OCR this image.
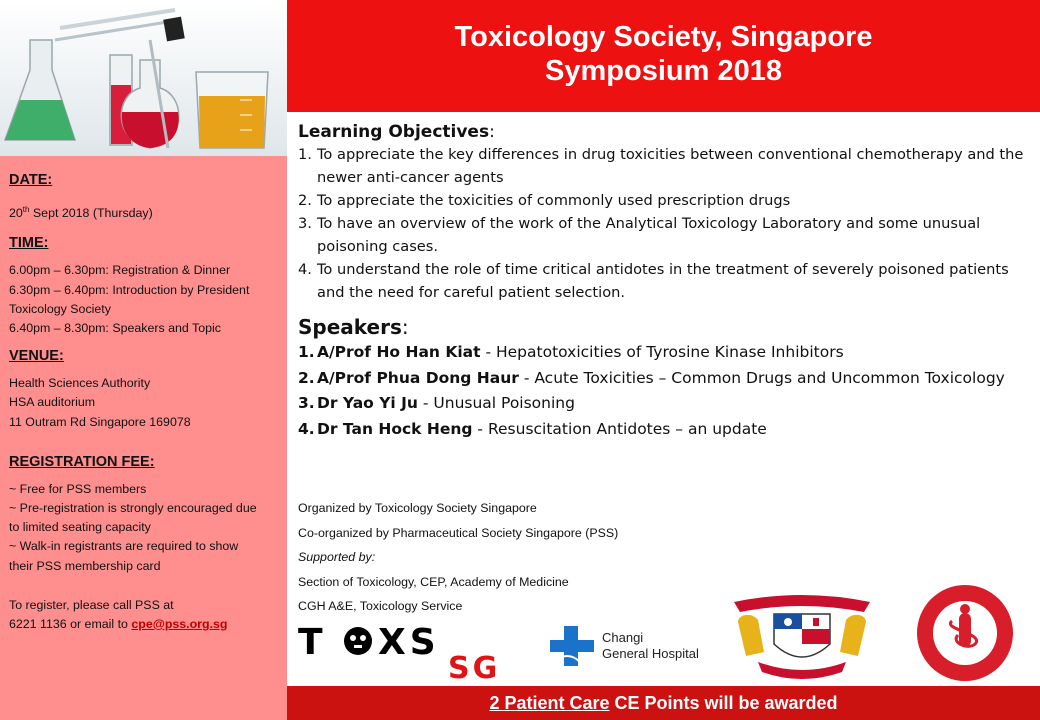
DATE:
20th Sept 2018 (Thursday)
TIME:
6.00pm – 6.30pm: Registration & Dinner
6.30pm – 6.40pm: Introduction by President
Toxicology Society
6.40pm – 8.30pm: Speakers and Topic
VENUE:
Health Sciences Authority
HSA auditorium
11 Outram Rd Singapore 169078
REGISTRATION FEE:
~ Free for PSS members
~ Pre-registration is strongly encouraged due
to limited seating capacity
~ Walk-in registrants are required to show
their PSS membership card
To register, please call PSS at
6221 1136 or email to cpe@pss.org.sg
Toxicology Society, Singapore
Symposium 2018
Learning Objectives:
1. To appreciate the key differences in drug toxicities between conventional chemotherapy and the newer anti-cancer agents
2. To appreciate the toxicities of commonly used prescription drugs
3. To have an overview of the work of the Analytical Toxicology Laboratory and some unusual poisoning cases.
4. To understand the role of time critical antidotes in the treatment of severely poisoned patients and the need for careful patient selection.
Speakers:
1. A/Prof Ho Han Kiat - Hepatotoxicities of Tyrosine Kinase Inhibitors
2. A/Prof Phua Dong Haur - Acute Toxicities – Common Drugs and Uncommon Toxicology
3. Dr Yao Yi Ju - Unusual Poisoning
4. Dr Tan Hock Heng - Resuscitation Antidotes – an update
Organized by Toxicology Society Singapore
Co-organized by Pharmaceutical Society Singapore (PSS)
Supported by:
Section of Toxicology, CEP, Academy of Medicine
CGH A&E, Toxicology Service
T XS
SG
Changi
General Hospital
2 Patient Care CE Points will be awarded
